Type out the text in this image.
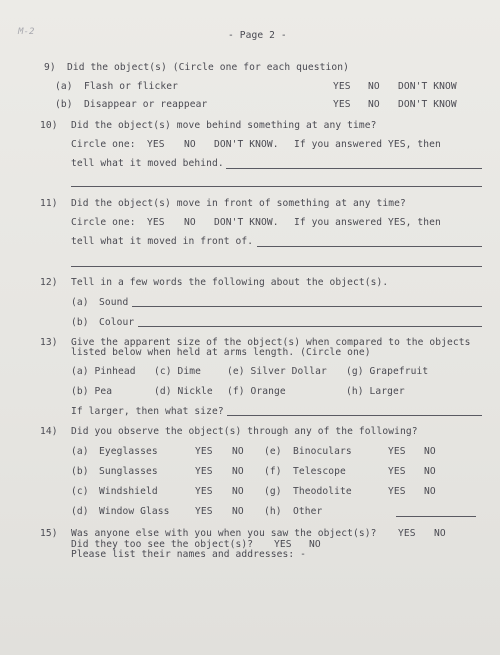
M-2	- Page 2 -
9) Did the object(s) (Circle one for each question)
(a) Flash or flicker	YES NO DON'T KNOW
(b) Disappear or reappear	YES NO DON'T KNOW
10) Did the object(s) move behind something at any time?
Circle one: YES NO DON'T KNOW. If you answered YES, then
tell what it moved behind.
11) Did the object(s) move in front of something at any time?
Circle one: YES NO DON'T KNOW. If you answered YES, then
tell what it moved in front of.
12) Tell in a few words the following about the object(s).
(a) Sound
(b) Colour
13) Give the apparent size of the object(s) when compared to the objects
listed below when held at arms length. (Circle one)
(a) Pinhead (c) Dime	(e) Silver Dollar (g) Grapefruit
(b) Pea	(d) Nickle (f) Orange	(h) Larger
If larger, then what size?
14) Did you observe the object(s) through any of the following?
(a) Eyeglasses	YES NO (e) Binoculars	YES NO
(b) Sunglasses	YES NO (f) Telescope	YES NO
(c) Windshield	YES NO (g) Theodolite	YES NO
(d) Window Glass	YES NO (h) Other
15) Was anyone else with you when you saw the object(s)? YES NO
Did they too see the object(s)? YES NO
Please list their names and addresses: -
